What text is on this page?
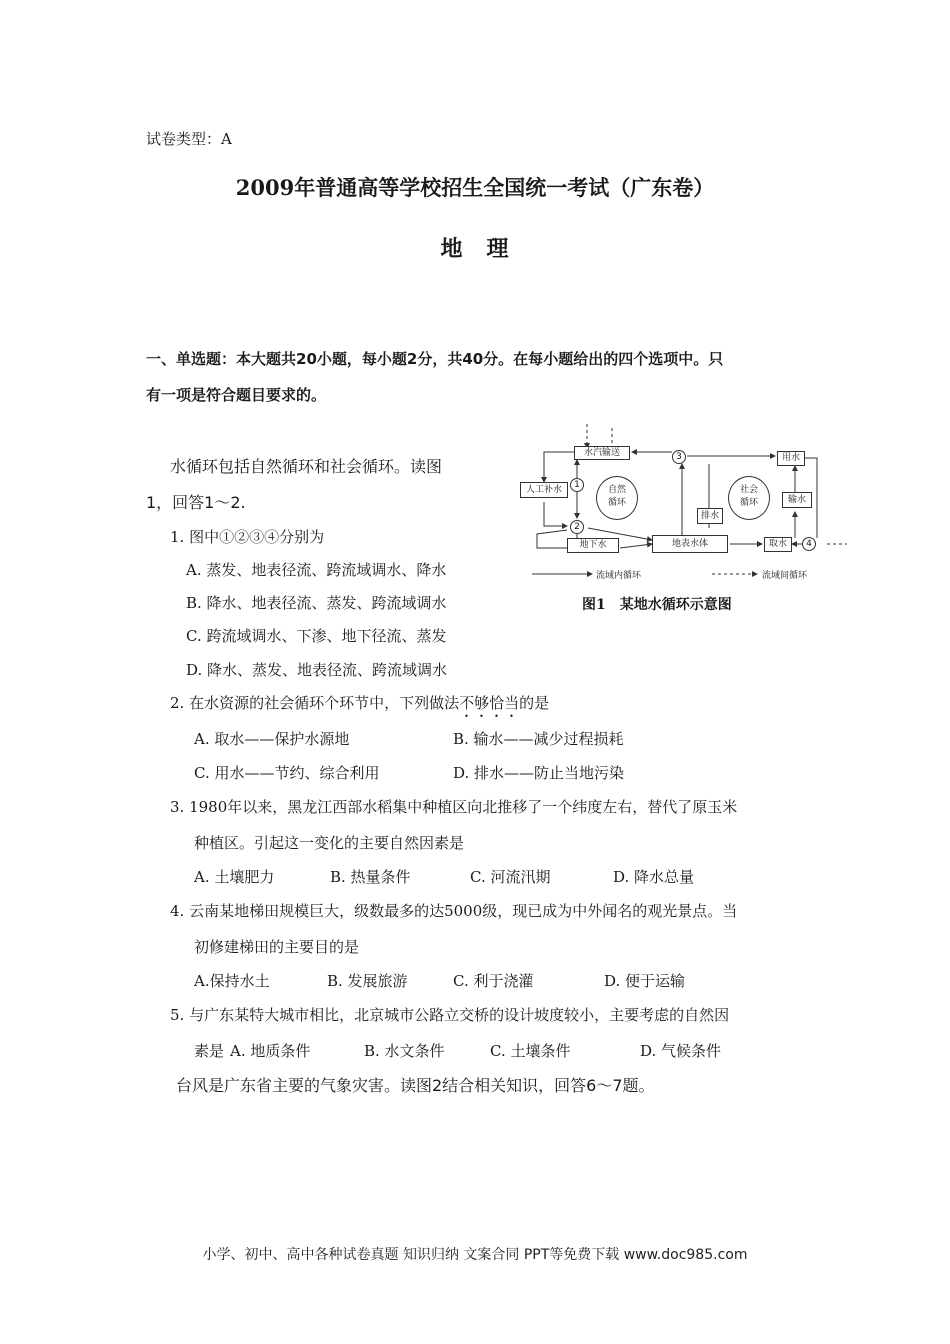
试卷类型：A
2009年普通高等学校招生全国统一考试（广东卷）
地　理
一、单选题：本大题共20小题，每小题2分，共40分。在每小题给出的四个选项中。只
有一项是符合题目要求的。
水循环包括自然循环和社会循环。读图
1，回答1～2.
1. 图中①②③④分别为
A. 蒸发、地表径流、跨流域调水、降水
B. 降水、地表径流、蒸发、跨流域调水
C. 跨流域调水、下渗、地下径流、蒸发
D. 降水、蒸发、地表径流、跨流域调水
水汽输送
人工补水
地下水	地表水体
排水
取水
输水
用水
自然循环
社会循环
1
2
3
4
流域内循环	流域间循环
图1　某地水循环示意图
2. 在水资源的社会循环个环节中，下列做法不够恰当的是
A. 取水——保护水源地	B. 输水——减少过程损耗
C. 用水——节约、综合利用	D. 排水——防止当地污染
3. 1980年以来，黑龙江西部水稻集中种植区向北推移了一个纬度左右，替代了原玉米
种植区。引起这一变化的主要自然因素是
A. 土壤肥力	B. 热量条件	C. 河流汛期	D. 降水总量
4. 云南某地梯田规模巨大，级数最多的达5000级，现已成为中外闻名的观光景点。当
初修建梯田的主要目的是
A.保持水土	B. 发展旅游	C. 利于浇灌	D. 便于运输
5. 与广东某特大城市相比，北京城市公路立交桥的设计坡度较小，主要考虑的自然因
素是 A. 地质条件	B. 水文条件	C. 土壤条件	D. 气候条件
台风是广东省主要的气象灾害。读图2结合相关知识，回答6～7题。
小学、初中、高中各种试卷真题 知识归纳 文案合同 PPT等免费下载 www.doc985.com
